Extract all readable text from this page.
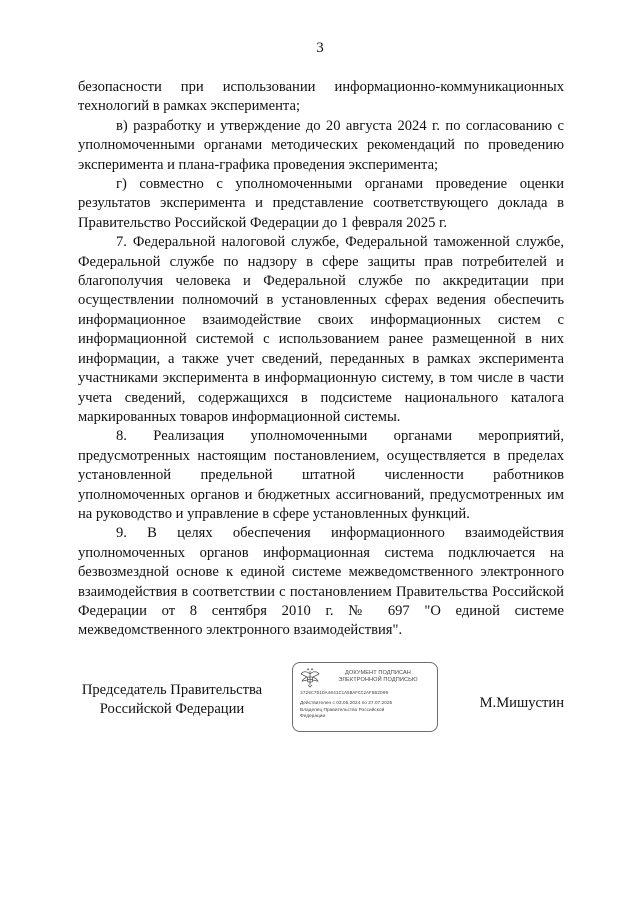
3

безопасности при использовании информационно-коммуникационных технологий в рамках эксперимента;

в) разработку и утверждение до 20 августа 2024 г. по согласованию с уполномоченными органами методических рекомендаций по проведению эксперимента и плана-графика проведения эксперимента;

г) совместно с уполномоченными органами проведение оценки результатов эксперимента и представление соответствующего доклада в Правительство Российской Федерации до 1 февраля 2025 г.

7. Федеральной налоговой службе, Федеральной таможенной службе, Федеральной службе по надзору в сфере защиты прав потребителей и благополучия человека и Федеральной службе по аккредитации при осуществлении полномочий в установленных сферах ведения обеспечить информационное взаимодействие своих информационных систем с информационной системой с использованием ранее размещенной в них информации, а также учет сведений, переданных в рамках эксперимента участниками эксперимента в информационную систему, в том числе в части учета сведений, содержащихся в подсистеме национального каталога маркированных товаров информационной системы.

8. Реализация уполномоченными органами мероприятий, предусмотренных настоящим постановлением, осуществляется в пределах установленной предельной штатной численности работников уполномоченных органов и бюджетных ассигнований, предусмотренных им на руководство и управление в сфере установленных функций.

9. В целях обеспечения информационного взаимодействия уполномоченных органов информационная система подключается на безвозмездной основе к единой системе межведомственного электронного взаимодействия в соответствии с постановлением Правительства Российской Федерации от 8 сентября 2010 г. № 697 "О единой системе межведомственного электронного взаимодействия".

Председатель Правительства
Российской Федерации
ДОКУМЕНТ ПОДПИСАН
ЭЛЕКТРОННОЙ ПОДПИСЬЮ
3726C7D1DA4041C1A5BAFCC2AF5B2D09
Действителен с 03.05.2024 по 27.07.2025
Владелец Правительство Российской
Федерации
М.Мишустин
